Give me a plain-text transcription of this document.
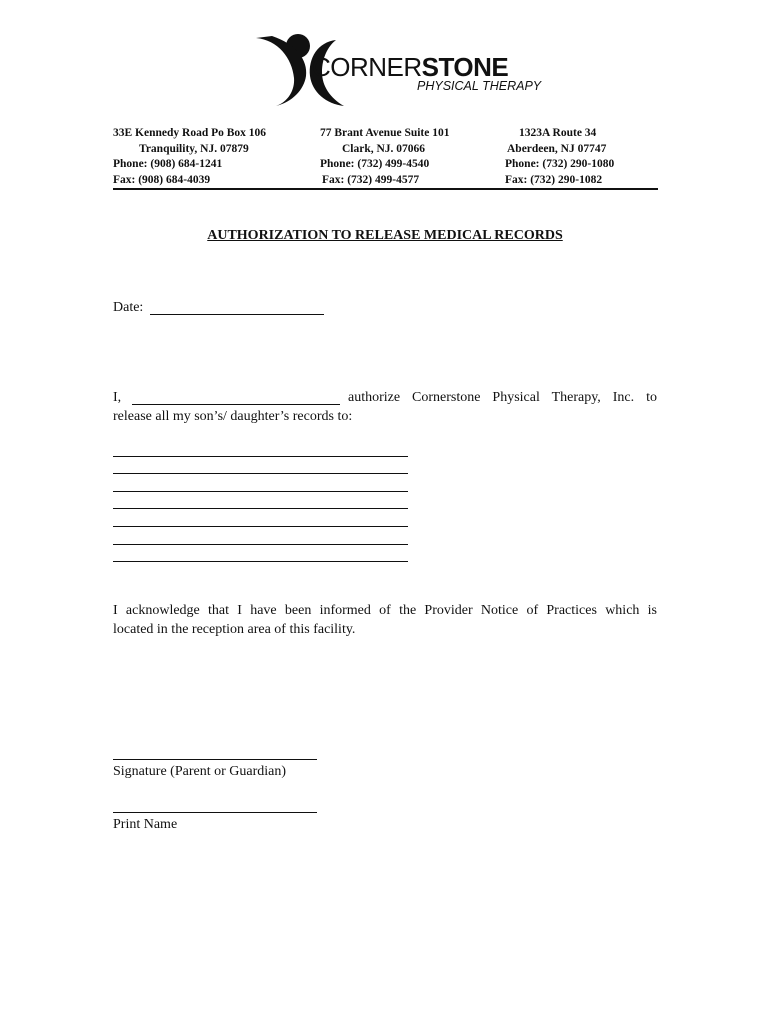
CORNERSTONE
PHYSICAL THERAPY
33E Kennedy Road Po Box 106
Tranquility, NJ. 07879
Phone: (908) 684-1241
Fax: (908) 684-4039
77 Brant Avenue Suite 101
Clark, NJ. 07066
Phone: (732) 499-4540
Fax: (732) 499-4577
1323A Route 34
Aberdeen, NJ 07747
Phone: (732) 290-1080
Fax: (732) 290-1082
AUTHORIZATION TO RELEASE MEDICAL RECORDS
Date:
I,	authorize Cornerstone Physical Therapy, Inc. to
release all my son’s/ daughter’s records to:
I acknowledge that I have been informed of the Provider Notice of Practices which is
located in the reception area of this facility.
Signature (Parent or Guardian)
Print Name
